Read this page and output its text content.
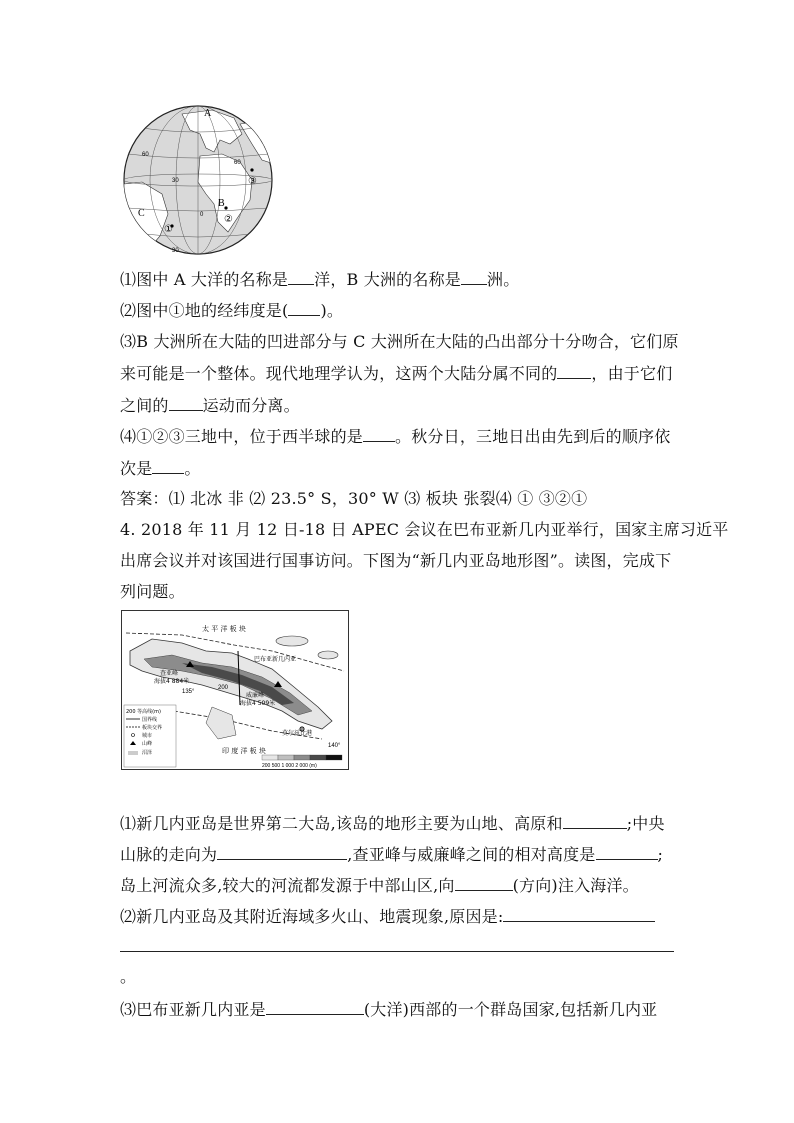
A
B
C
①
②
③
60
30
30
0
60
⑴图中 A 大洋的名称是 洋，B 大洲的名称是 洲。
⑵图中①地的经纬度是( )。
⑶B 大洲所在大陆的凹进部分与 C 大洲所在大陆的凸出部分十分吻合，它们原
来可能是一个整体。现代地理学认为，这两个大陆分属不同的 ，由于它们
之间的 运动而分离。
⑷①②③三地中，位于西半球的是 。秋分日，三地日出由先到后的顺序依
次是 。
答案：⑴ 北冰 非 ⑵ 23.5° S，30° W ⑶ 板块 张裂⑷ ① ③②①
4. 2018 年 11 月 12 日-18 日 APEC 会议在巴布亚新几内亚举行，国家主席习近平
出席会议并对该国进行国事访问。下图为“新几内亚岛地形图”。读图，完成下
列问题。
太 平 洋 板 块
印 度 洋 板 块
巴布亚新几内亚
查亚峰
海拔4 884米
威廉峰
海拔4 509米
莫尔兹比港
135°
140°
200
200 等高线(m)
国界线
板块交界
城市
山峰
沼泽
200 500 1 000 2 000 (m)
⑴新几内亚岛是世界第二大岛,该岛的地形主要为山地、高原和	;中央
山脉的走向为	,查亚峰与威廉峰之间的相对高度是	;
岛上河流众多,较大的河流都发源于中部山区,向	(方向)注入海洋。
⑵新几内亚岛及其附近海域多火山、地震现象,原因是:
。
⑶巴布亚新几内亚是	(大洋)西部的一个群岛国家,包括新几内亚
